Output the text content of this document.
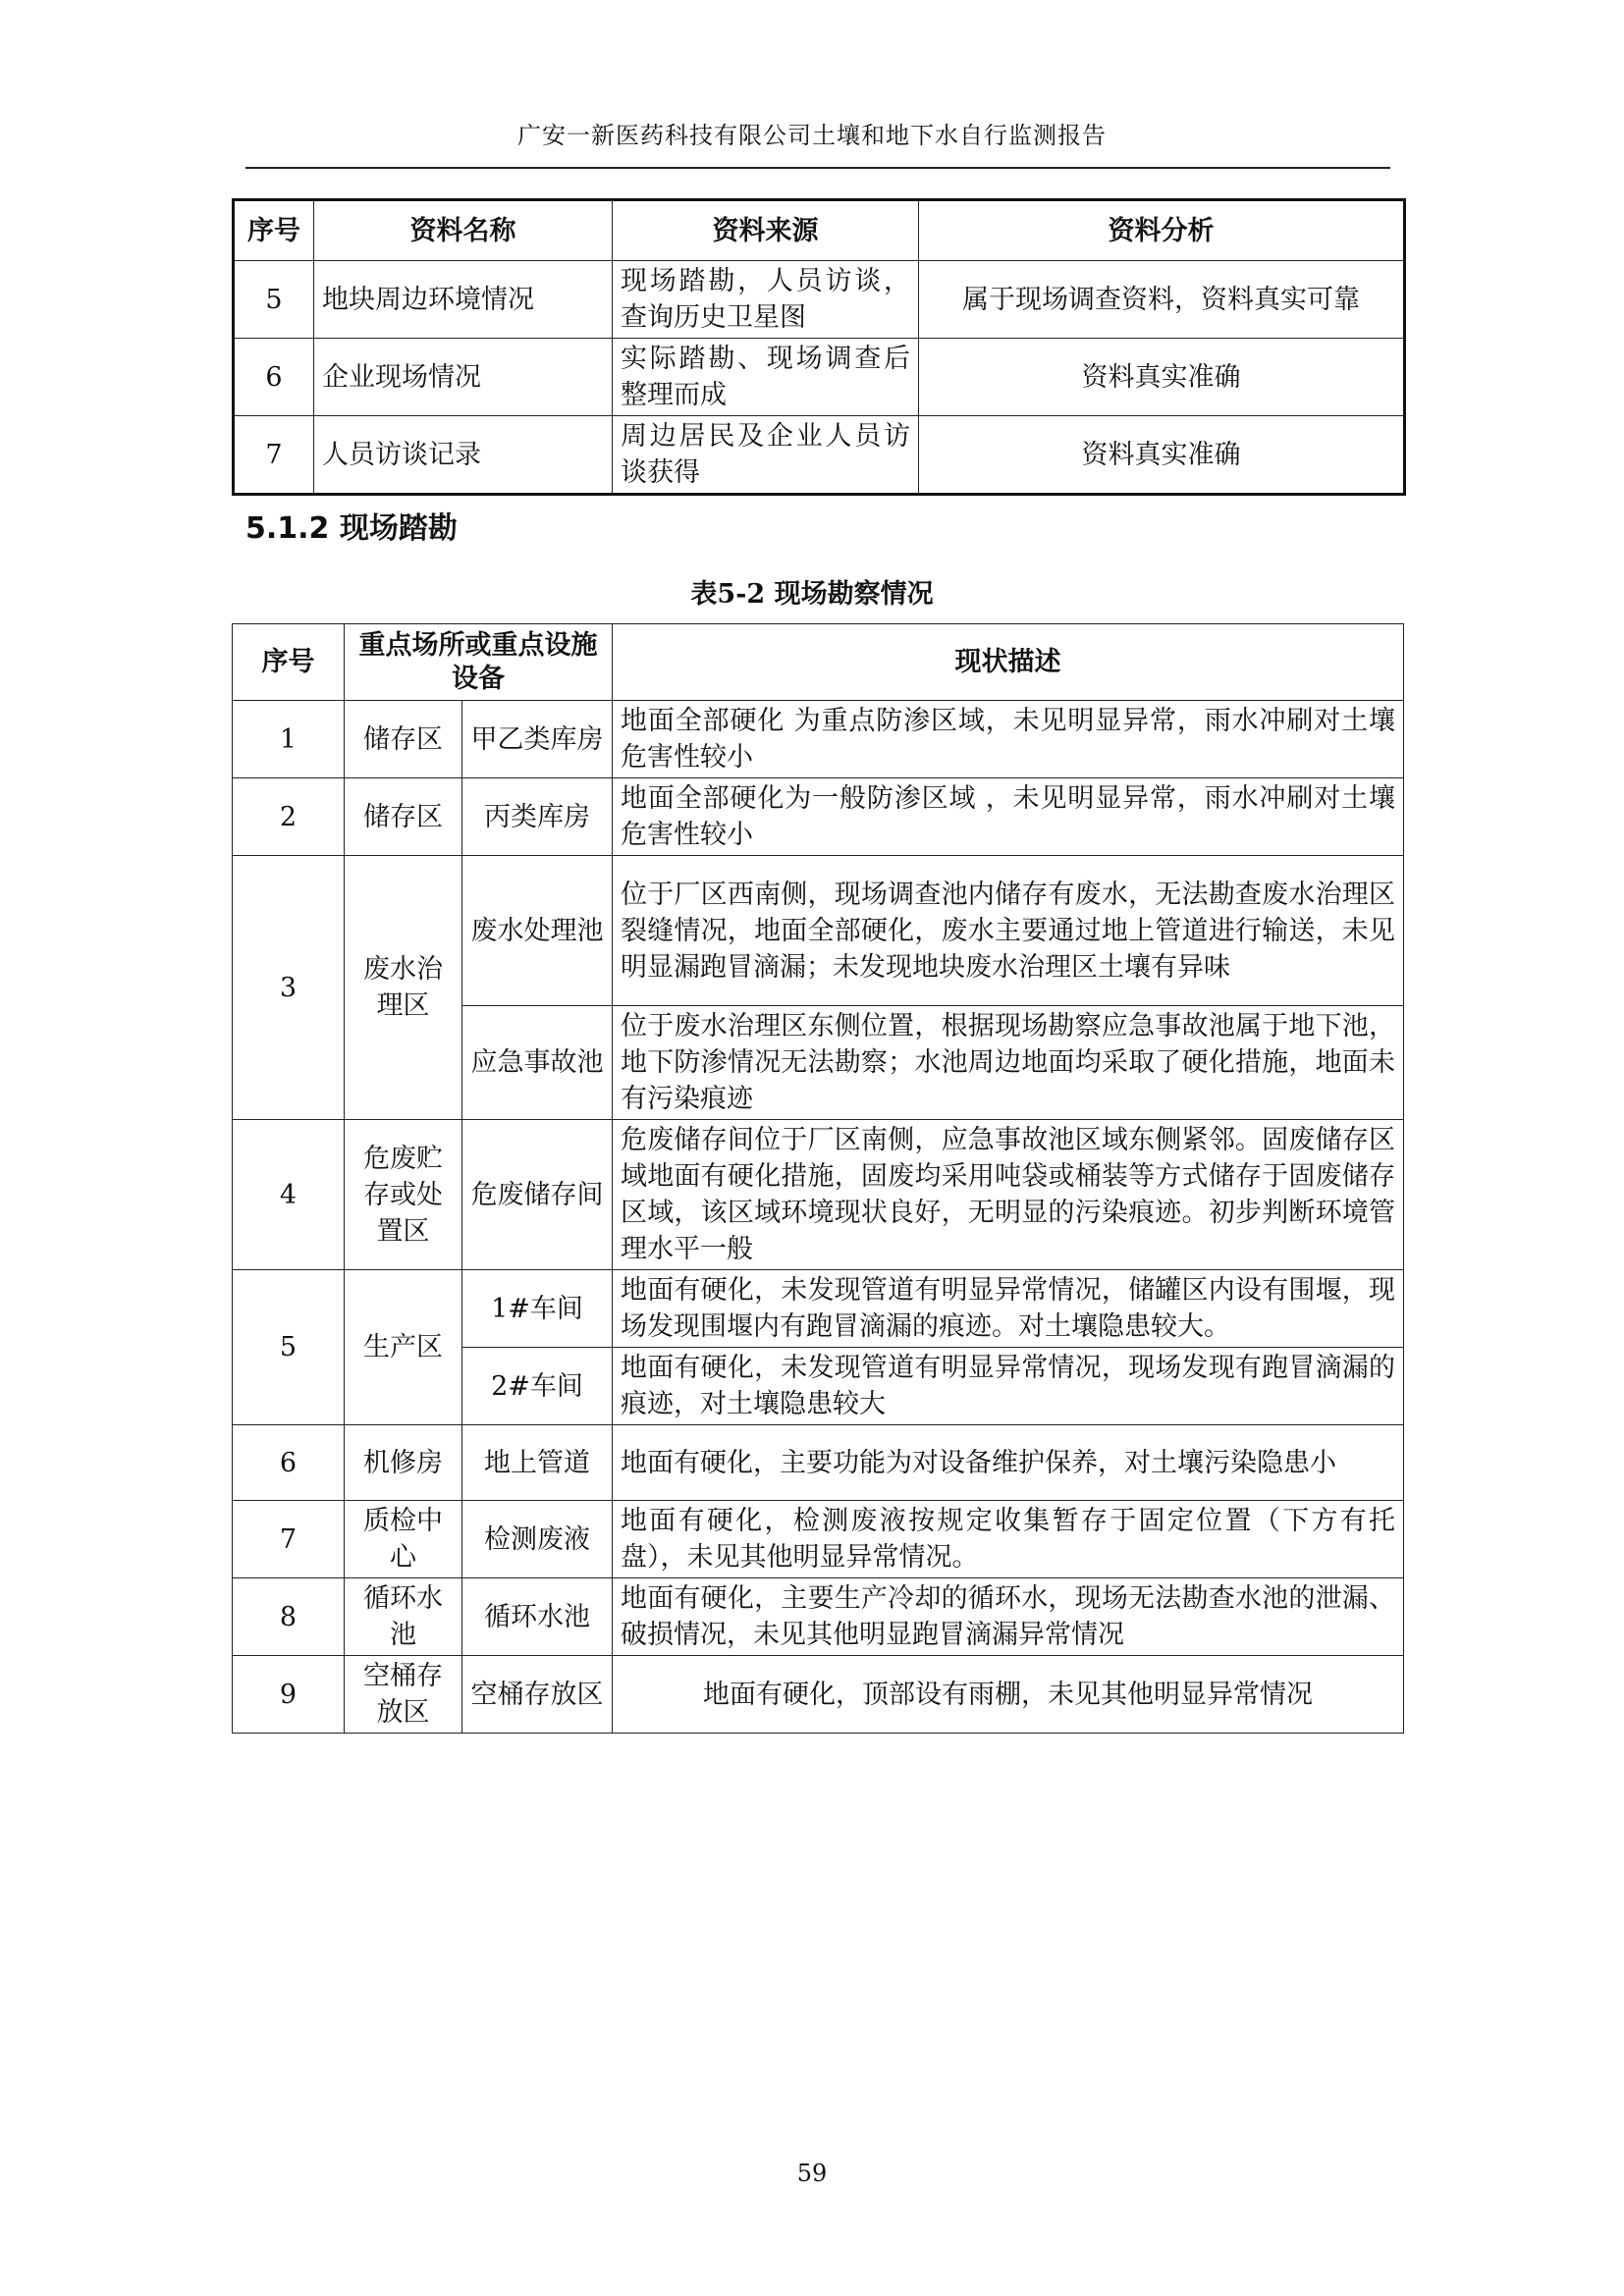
广安一新医药科技有限公司土壤和地下水自行监测报告
序号	资料名称	资料来源	资料分析
5	地块周边环境情况	现场踏勘，人员访谈，查询历史卫星图	属于现场调查资料，资料真实可靠
6	企业现场情况	实际踏勘、现场调查后整理而成	资料真实准确
7	人员访谈记录	周边居民及企业人员访谈获得	资料真实准确
5.1.2 现场踏勘
表5-2 现场勘察情况
序号	重点场所或重点设施设备		现状描述
1	储存区	甲乙类库房	地面全部硬化 为重点防渗区域，未见明显异常，雨水冲刷对土壤危害性较小
2	储存区	丙类库房	地面全部硬化为一般防渗区域 ，未见明显异常，雨水冲刷对土壤危害性较小
3	废水治理区	废水处理池	位于厂区西南侧，现场调查池内储存有废水，无法勘查废水治理区裂缝情况，地面全部硬化，废水主要通过地上管道进行输送，未见明显漏跑冒滴漏；未发现地块废水治理区土壤有异味
		应急事故池	位于废水治理区东侧位置，根据现场勘察应急事故池属于地下池，地下防渗情况无法勘察；水池周边地面均采取了硬化措施，地面未有污染痕迹
4	危废贮存或处置区	危废储存间	危废储存间位于厂区南侧，应急事故池区域东侧紧邻。固废储存区域地面有硬化措施，固废均采用吨袋或桶装等方式储存于固废储存区域，该区域环境现状良好，无明显的污染痕迹。初步判断环境管理水平一般
5	生产区	1#车间	地面有硬化，未发现管道有明显异常情况，储罐区内设有围堰，现场发现围堰内有跑冒滴漏的痕迹。对土壤隐患较大。
		2#车间	地面有硬化，未发现管道有明显异常情况，现场发现有跑冒滴漏的痕迹，对土壤隐患较大
6	机修房	地上管道	地面有硬化，主要功能为对设备维护保养，对土壤污染隐患小
7	质检中心	检测废液	地面有硬化，检测废液按规定收集暂存于固定位置（下方有托盘），未见其他明显异常情况。
8	循环水池	循环水池	地面有硬化，主要生产冷却的循环水，现场无法勘查水池的泄漏、破损情况，未见其他明显跑冒滴漏异常情况
9	空桶存放区	空桶存放区	地面有硬化，顶部设有雨棚，未见其他明显异常情况
59
